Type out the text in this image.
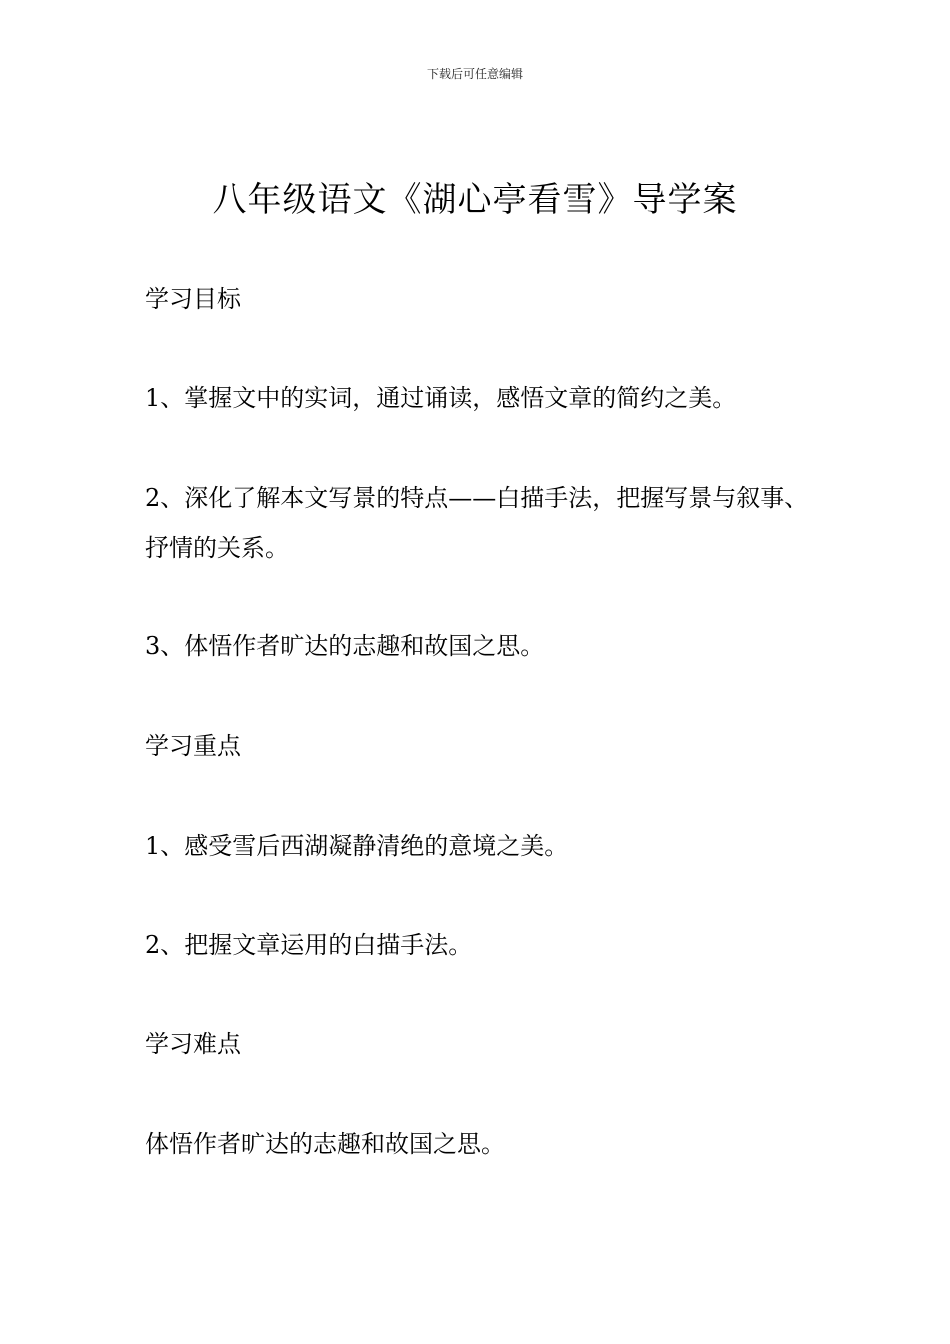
下载后可任意编辑
八年级语文《湖心亭看雪》导学案

学习目标

1、掌握文中的实词，通过诵读，感悟文章的简约之美。

2、深化了解本文写景的特点——白描手法，把握写景与叙事、抒情的关系。

3、体悟作者旷达的志趣和故国之思。

学习重点

1、感受雪后西湖凝静清绝的意境之美。

2、把握文章运用的白描手法。

学习难点

体悟作者旷达的志趣和故国之思。
